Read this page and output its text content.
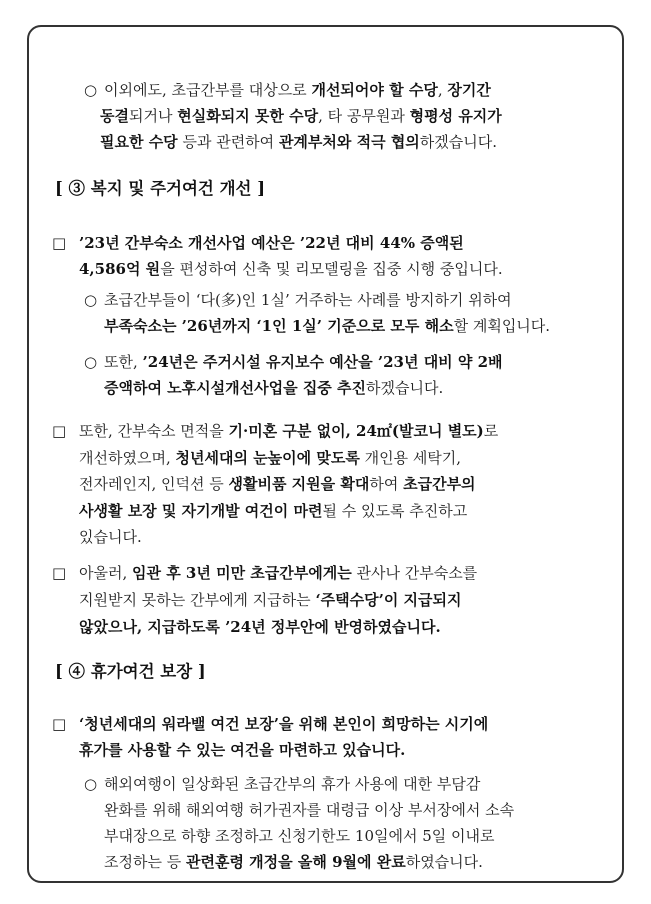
○ 이외에도, 초급간부를 대상으로 개선되어야 할 수당, 장기간
동결되거나 현실화되지 못한 수당, 타 공무원과 형평성 유지가
필요한 수당 등과 관련하여 관계부처와 적극 협의하겠습니다.
[ ③ 복지 및 주거여건 개선 ]
□ ’23년 간부숙소 개선사업 예산은 ’22년 대비 44% 증액된
4,586억 원을 편성하여 신축 및 리모델링을 집중 시행 중입니다.
○ 초급간부들이 ‘다(多)인 1실’ 거주하는 사례를 방지하기 위하여
부족숙소는 ’26년까지 ‘1인 1실’ 기준으로 모두 해소할 계획입니다.
○ 또한, ’24년은 주거시설 유지보수 예산을 ’23년 대비 약 2배
증액하여 노후시설개선사업을 집중 추진하겠습니다.
□ 또한, 간부숙소 면적을 기·미혼 구분 없이, 24㎡(발코니 별도)로
개선하였으며, 청년세대의 눈높이에 맞도록 개인용 세탁기,
전자레인지, 인덕션 등 생활비품 지원을 확대하여 초급간부의
사생활 보장 및 자기개발 여건이 마련될 수 있도록 추진하고
있습니다.
□ 아울러, 임관 후 3년 미만 초급간부에게는 관사나 간부숙소를
지원받지 못하는 간부에게 지급하는 ‘주택수당’이 지급되지
않았으나, 지급하도록 ’24년 정부안에 반영하였습니다.
[ ④ 휴가여건 보장 ]
□ ‘청년세대의 워라밸 여건 보장’을 위해 본인이 희망하는 시기에
휴가를 사용할 수 있는 여건을 마련하고 있습니다.
○ 해외여행이 일상화된 초급간부의 휴가 사용에 대한 부담감
완화를 위해 해외여행 허가권자를 대령급 이상 부서장에서 소속
부대장으로 하향 조정하고 신청기한도 10일에서 5일 이내로
조정하는 등 관련훈령 개정을 올해 9월에 완료하였습니다.
